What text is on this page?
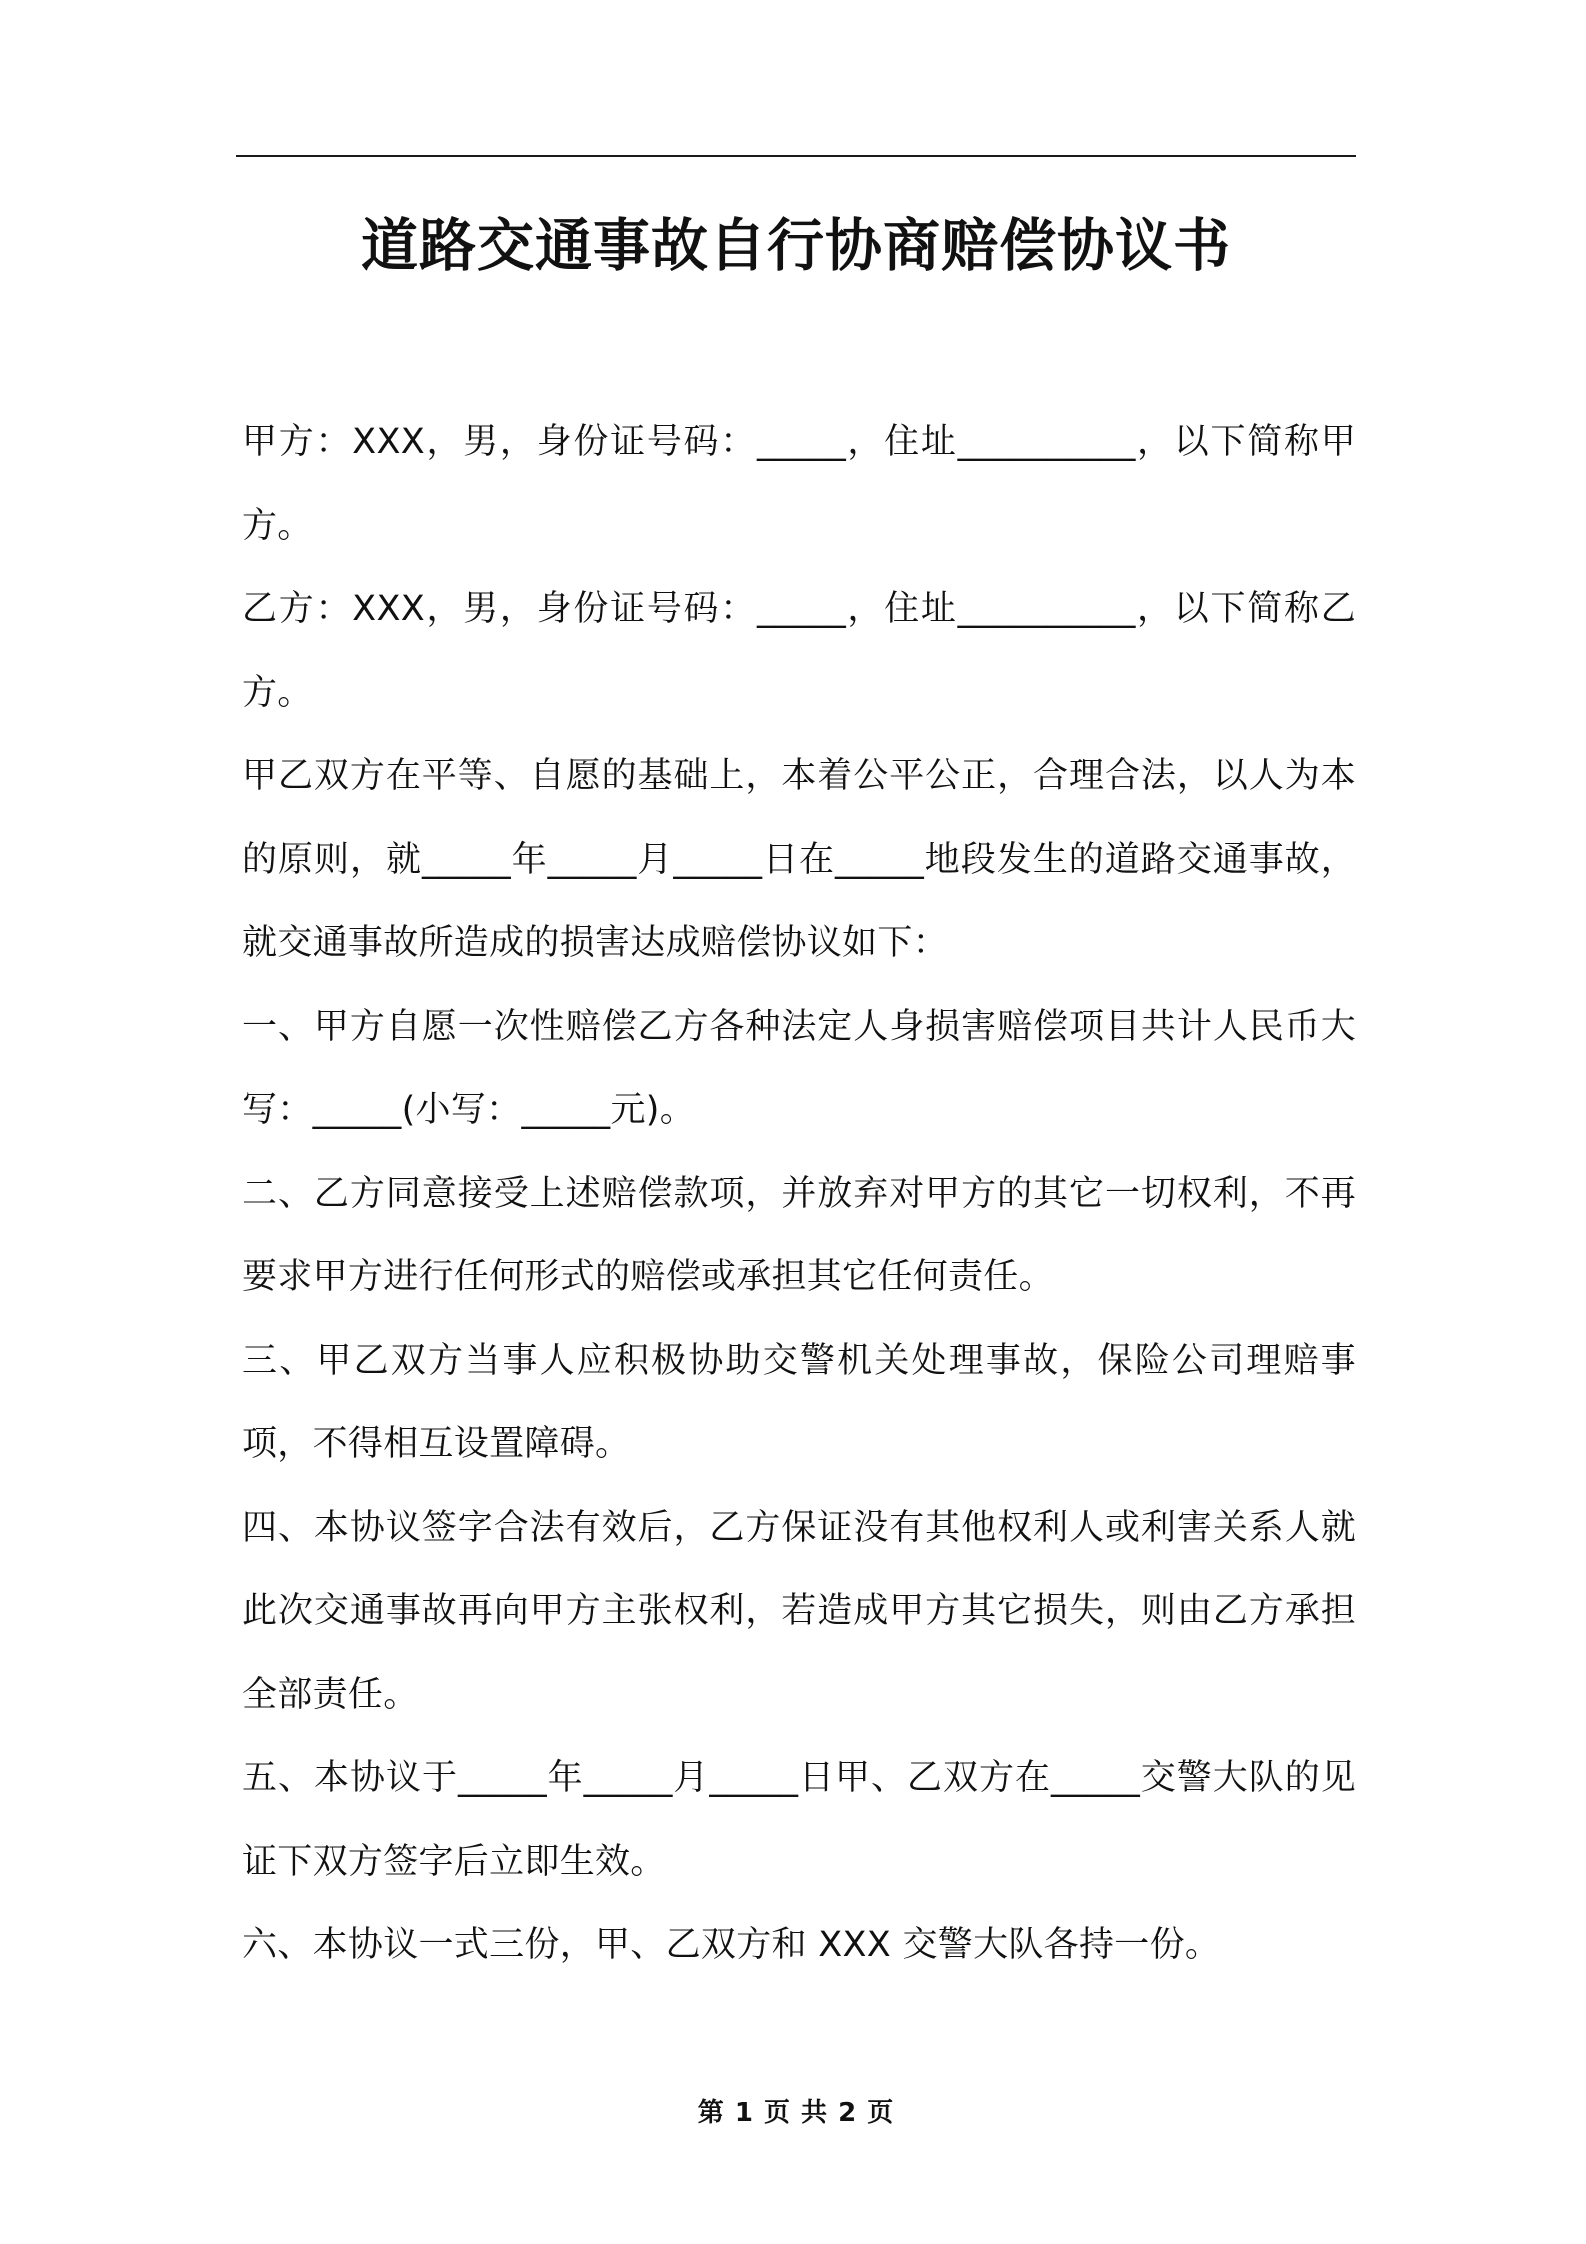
道路交通事故自行协商赔偿协议书

甲方：XXX，男，身份证号码：_____，住址__________，以下简称甲方。

乙方：XXX，男，身份证号码：_____，住址__________，以下简称乙方。

甲乙双方在平等、自愿的基础上，本着公平公正，合理合法，以人为本的原则，就_____年_____月_____日在_____地段发生的道路交通事故，就交通事故所造成的损害达成赔偿协议如下：

一、甲方自愿一次性赔偿乙方各种法定人身损害赔偿项目共计人民币大写：_____(小写：_____元)。

二、乙方同意接受上述赔偿款项，并放弃对甲方的其它一切权利，不再要求甲方进行任何形式的赔偿或承担其它任何责任。

三、甲乙双方当事人应积极协助交警机关处理事故，保险公司理赔事项，不得相互设置障碍。

四、本协议签字合法有效后，乙方保证没有其他权利人或利害关系人就此次交通事故再向甲方主张权利，若造成甲方其它损失，则由乙方承担全部责任。

五、本协议于_____年_____月_____日甲、乙双方在_____交警大队的见证下双方签字后立即生效。

六、本协议一式三份，甲、乙双方和 XXX 交警大队各持一份。

第 1 页 共 2 页
